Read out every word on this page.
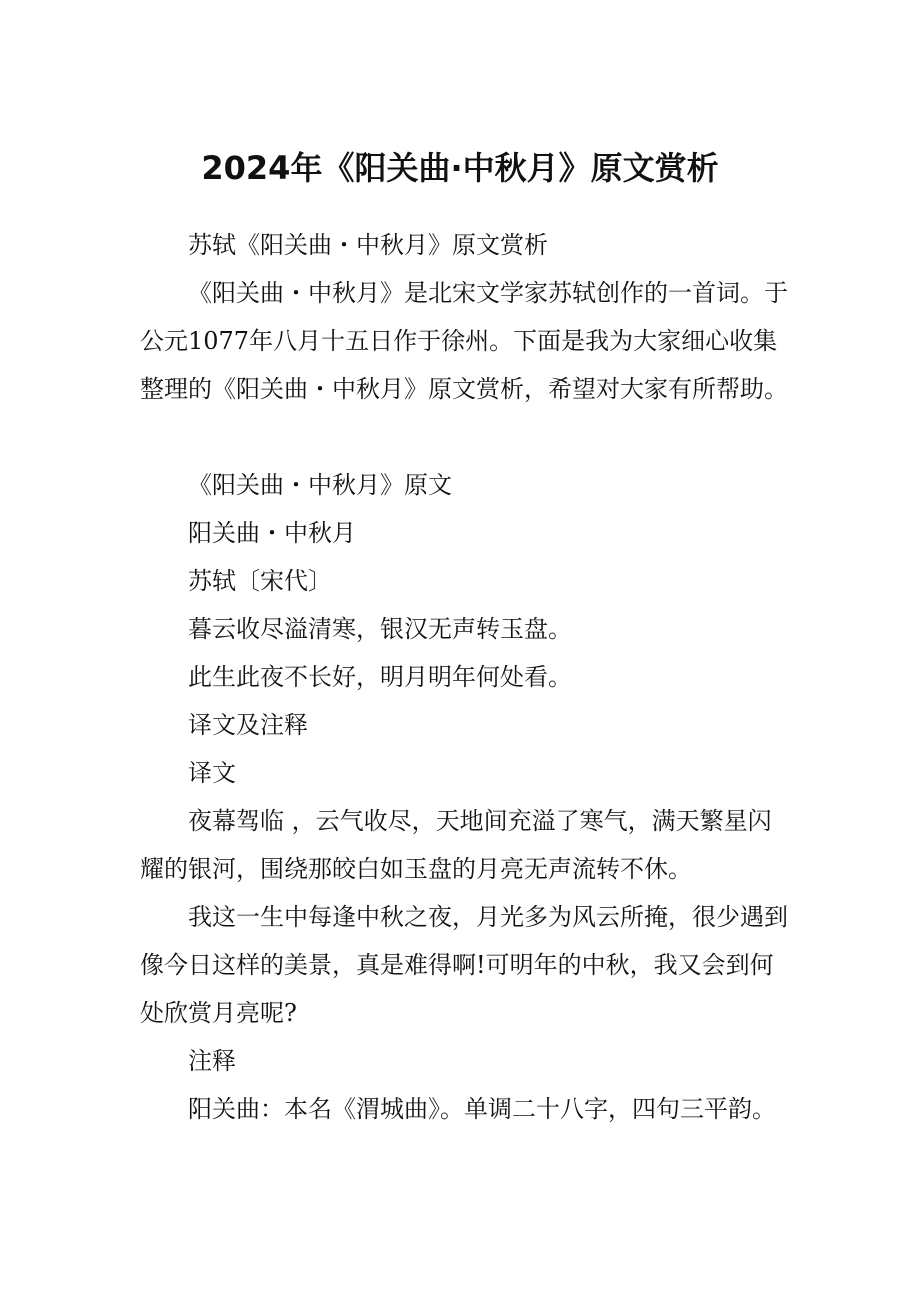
2024年《阳关曲·中秋月》原文赏析

苏轼《阳关曲・中秋月》原文赏析

《阳关曲・中秋月》是北宋文学家苏轼创作的一首词。于公元1077年八月十五日作于徐州。下面是我为大家细心收集整理的《阳关曲・中秋月》原文赏析，希望对大家有所帮助。

《阳关曲・中秋月》原文

阳关曲・中秋月

苏轼〔宋代〕

暮云收尽溢清寒，银汉无声转玉盘。

此生此夜不长好，明月明年何处看。

译文及注释

译文

夜幕驾临 ，云气收尽，天地间充溢了寒气，满天繁星闪耀的银河，围绕那皎白如玉盘的月亮无声流转不休。

我这一生中每逢中秋之夜，月光多为风云所掩，很少遇到像今日这样的美景，真是难得啊!可明年的中秋，我又会到何处欣赏月亮呢?

注释

阳关曲：本名《渭城曲》。单调二十八字，四句三平韵。
